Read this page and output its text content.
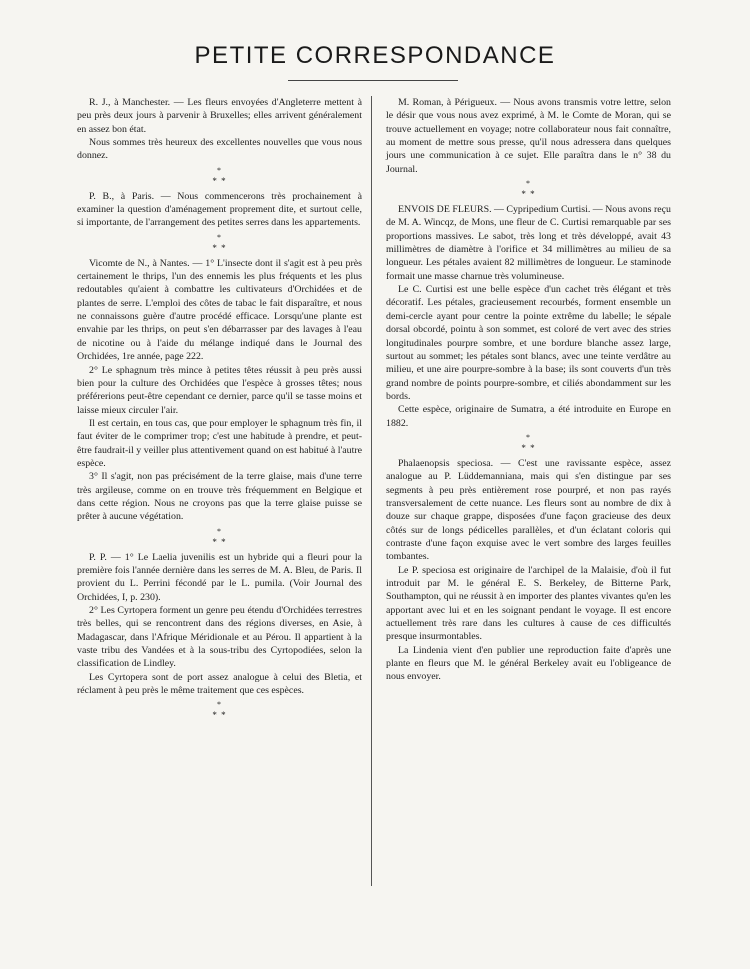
PETITE CORRESPONDANCE

R. J., à Manchester. — Les fleurs envoyées d'Angleterre mettent à peu près deux jours à parvenir à Bruxelles; elles arrivent généralement en assez bon état.

Nous sommes très heureux des excellentes nouvelles que vous nous donnez.

*
* *

P. B., à Paris. — Nous commencerons très prochainement à examiner la question d'aménagement proprement dite, et surtout celle, si importante, de l'arrangement des petites serres dans les appartements.

*
* *

Vicomte de N., à Nantes. — 1° L'insecte dont il s'agit est à peu près certainement le thrips, l'un des ennemis les plus fréquents et les plus redoutables qu'aient à combattre les cultivateurs d'Orchidées et de plantes de serre. L'emploi des côtes de tabac le fait disparaître, et nous ne connaissons guère d'autre procédé efficace. Lorsqu'une plante est envahie par les thrips, on peut s'en débarrasser par des lavages à l'eau de nicotine ou à l'aide du mélange indiqué dans le Journal des Orchidées, 1re année, page 222.

2° Le sphagnum très mince à petites têtes réussit à peu près aussi bien pour la culture des Orchidées que l'espèce à grosses têtes; nous préférerions peut-être cependant ce dernier, parce qu'il se tasse moins et laisse mieux circuler l'air.

Il est certain, en tous cas, que pour employer le sphagnum très fin, il faut éviter de le comprimer trop; c'est une habitude à prendre, et peut-être faudrait-il y veiller plus attentivement quand on est habitué à l'autre espèce.

3° Il s'agit, non pas précisément de la terre glaise, mais d'une terre très argileuse, comme on en trouve très fréquemment en Belgique et dans cette région. Nous ne croyons pas que la terre glaise puisse se prêter à aucune végétation.

*
* *

P. P. — 1° Le Laelia juvenilis est un hybride qui a fleuri pour la première fois l'année dernière dans les serres de M. A. Bleu, de Paris. Il provient du L. Perrini fécondé par le L. pumila. (Voir Journal des Orchidées, I, p. 230).

2° Les Cyrtopera forment un genre peu étendu d'Orchidées terrestres très belles, qui se rencontrent dans des régions diverses, en Asie, à Madagascar, dans l'Afrique Méridionale et au Pérou. Il appartient à la vaste tribu des Vandées et à la sous-tribu des Cyrtopodiées, selon la classification de Lindley.

Les Cyrtopera sont de port assez analogue à celui des Bletia, et réclament à peu près le même traitement que ces espèces.

*
* *

M. Roman, à Périgueux. — Nous avons transmis votre lettre, selon le désir que vous nous avez exprimé, à M. le Comte de Moran, qui se trouve actuellement en voyage; notre collaborateur nous fait connaître, au moment de mettre sous presse, qu'il nous adressera dans quelques jours une communication à ce sujet. Elle paraîtra dans le n° 38 du Journal.

*
* *

ENVOIS DE FLEURS. — Cypripedium Curtisi. — Nous avons reçu de M. A. Wincqz, de Mons, une fleur de C. Curtisi remarquable par ses proportions massives. Le sabot, très long et très développé, avait 43 millimètres de diamètre à l'orifice et 34 millimètres au milieu de sa longueur. Les pétales avaient 82 millimètres de longueur. Le staminode formait une masse charnue très volumineuse.

Le C. Curtisi est une belle espèce d'un cachet très élégant et très décoratif. Les pétales, gracieusement recourbés, forment ensemble un demi-cercle ayant pour centre la pointe extrême du labelle; le sépale dorsal obcordé, pointu à son sommet, est coloré de vert avec des stries longitudinales pourpre sombre, et une bordure blanche assez large, surtout au sommet; les pétales sont blancs, avec une teinte verdâtre au milieu, et une aire pourpre-sombre à la base; ils sont couverts d'un très grand nombre de points pourpre-sombre, et ciliés abondamment sur les bords.

Cette espèce, originaire de Sumatra, a été introduite en Europe en 1882.

*
* *

Phalaenopsis speciosa. — C'est une ravissante espèce, assez analogue au P. Lüddemanniana, mais qui s'en distingue par ses segments à peu près entièrement rose pourpré, et non pas rayés transversalement de cette nuance. Les fleurs sont au nombre de dix à douze sur chaque grappe, disposées d'une façon gracieuse des deux côtés sur de longs pédicelles parallèles, et d'un éclatant coloris qui contraste d'une façon exquise avec le vert sombre des larges feuilles tombantes.

Le P. speciosa est originaire de l'archipel de la Malaisie, d'où il fut introduit par M. le général E. S. Berkeley, de Bitterne Park, Southampton, qui ne réussit à en importer des plantes vivantes qu'en les apportant avec lui et en les soignant pendant le voyage. Il est encore actuellement très rare dans les cultures à cause de ces difficultés presque insurmontables.

La Lindenia vient d'en publier une reproduction faite d'après une plante en fleurs que M. le général Berkeley avait eu l'obligeance de nous envoyer.
